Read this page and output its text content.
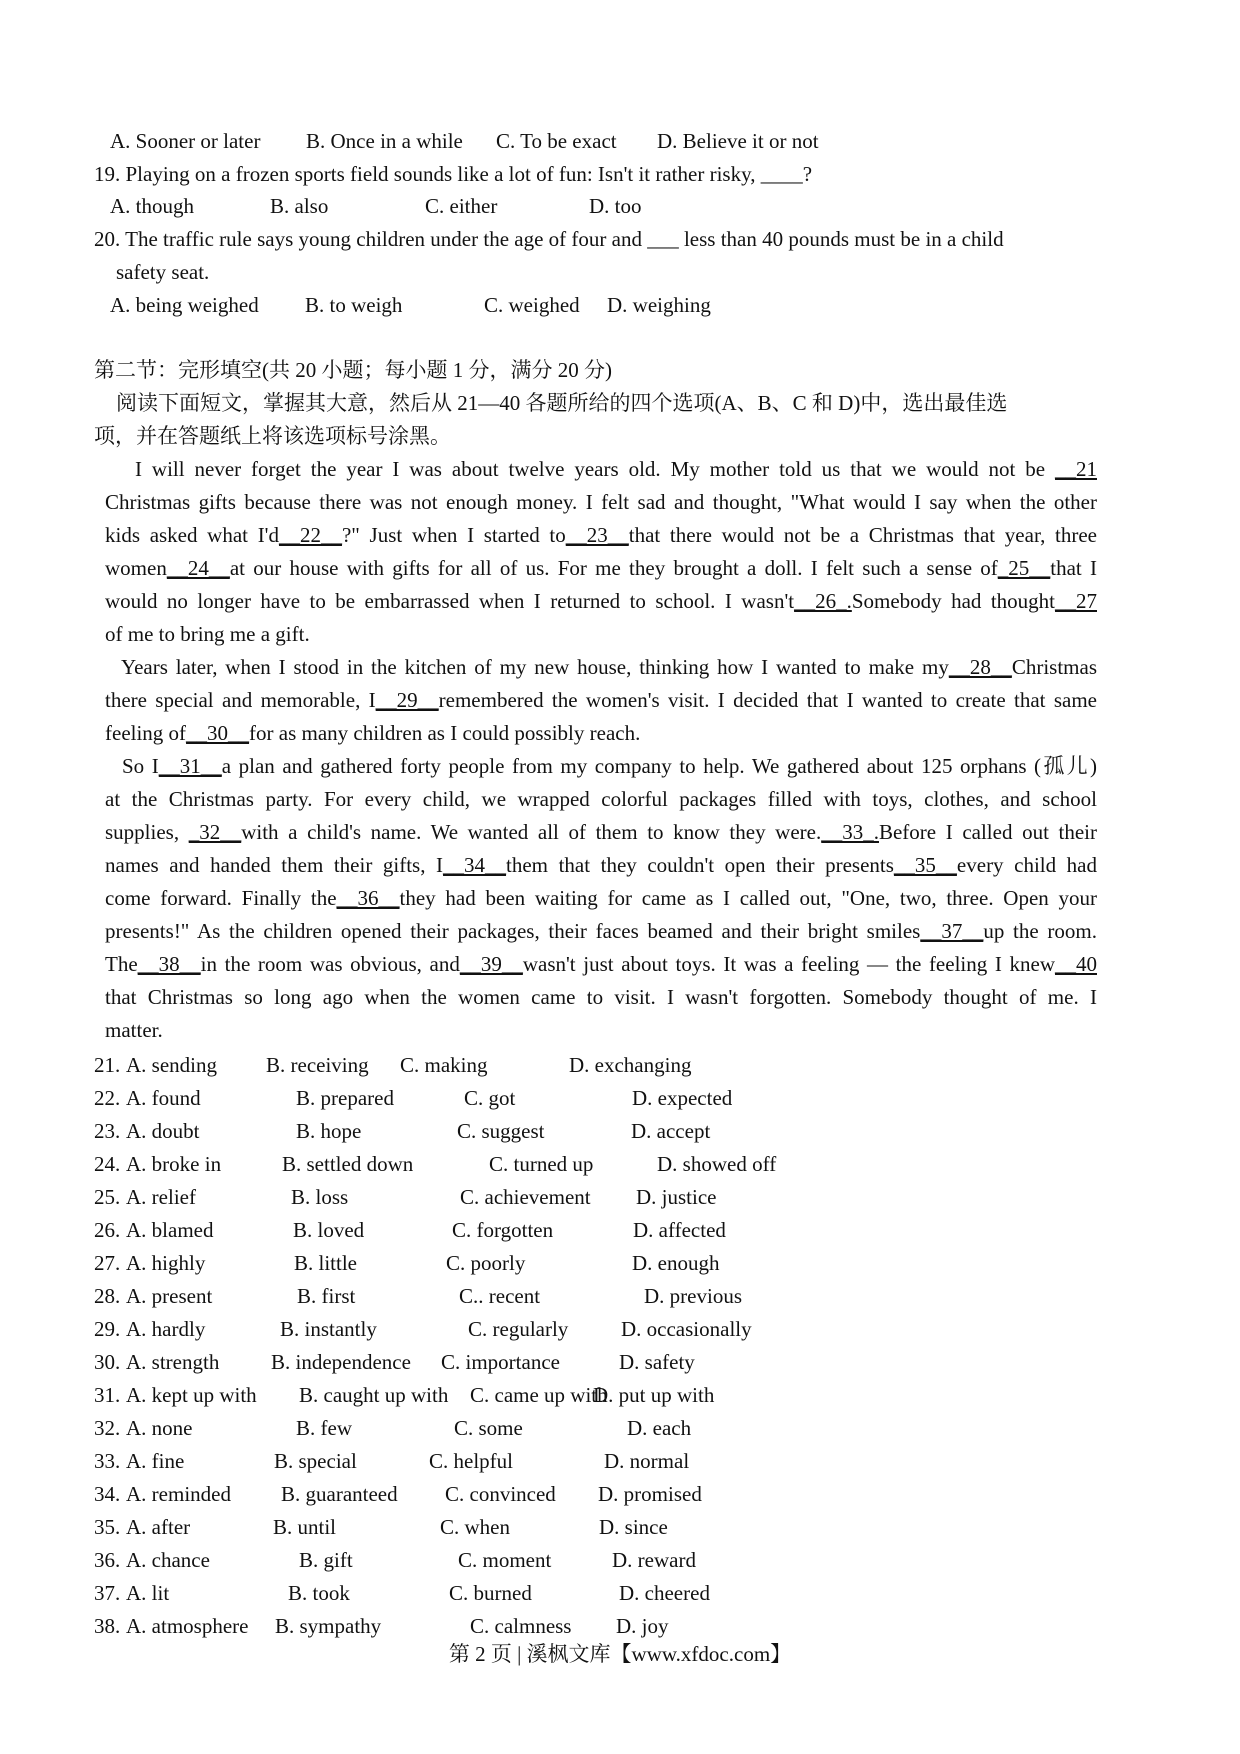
A. Sooner or later B. Once in a while C. To be exact D. Believe it or not
19. Playing on a frozen sports field sounds like a lot of fun: Isn't it rather risky, ____?
A. though	B. also	C. either	D. too
20. The traffic rule says young children under the age of four and ___ less than 40 pounds must be in a child
safety seat.
A. being weighed B. to weigh	C. weighed D. weighing
第二节：完形填空(共 20 小题；每小题 1 分，满分 20 分)
阅读下面短文，掌握其大意，然后从 21—40 各题所给的四个选项(A、B、C 和 D)中，选出最佳选
项，并在答题纸上将该选项标号涂黑。
I will never forget the year I was about twelve years old. My mother told us that we would not be __21
Christmas gifts because there was not enough money. I felt sad and thought, "What would I say when the other
kids asked what I'd__22__?" Just when I started to__23__that there would not be a Christmas that year, three
women__24__at our house with gifts for all of us. For me they brought a doll. I felt such a sense of_25__that I
would no longer have to be embarrassed when I returned to school. I wasn't__26_.Somebody had thought__27
of me to bring me a gift.
Years later, when I stood in the kitchen of my new house, thinking how I wanted to make my__28__Christmas
there special and memorable, I__29__remembered the women's visit. I decided that I wanted to create that same
feeling of__30__for as many children as I could possibly reach.
So I__31__a plan and gathered forty people from my company to help. We gathered about 125 orphans (孤儿)
at the Christmas party. For every child, we wrapped colorful packages filled with toys, clothes, and school
supplies, _32__with a child's name. We wanted all of them to know they were.__33_.Before I called out their
names and handed them their gifts, I__34__them that they couldn't open their presents__35__every child had
come forward. Finally the__36__they had been waiting for came as I called out, "One, two, three. Open your
presents!" As the children opened their packages, their faces beamed and their bright smiles__37__up the room.
The__38__in the room was obvious, and__39__wasn't just about toys. It was a feeling — the feeling I knew__40
that Christmas so long ago when the women came to visit. I wasn't forgotten. Somebody thought of me. I
matter.
21. A. sending B. receiving C. making	D. exchanging
22. A. found	B. prepared	C. got	D. expected
23. A. doubt	B. hope	C. suggest	D. accept
24. A. broke in	B. settled down	C. turned up	D. showed off
25. A. relief	B. loss	C. achievement D. justice
26. A. blamed	B. loved	C. forgotten	D. affected
27. A. highly	B. little	C. poorly	D. enough
28. A. present	B. first	C.. recent	D. previous
29. A. hardly	B. instantly	C. regularly	D. occasionally
30. A. strength B. independence C. importance	D. safety
31. A. kept up with B. caught up with C. came up with
D. put up with
32. A. none	B. few	C. some	D. each
33. A. fine	B. special	C. helpful	D. normal
34. A. reminded B. guaranteed C. convinced D. promised
35. A. after	B. until	C. when	D. since
36. A. chance	B. gift	C. moment	D. reward
37. A. lit	B. took	C. burned	D. cheered
38. A. atmosphere B. sympathy	C. calmness D. joy
第 2 页 | 溪枫文库【www.xfdoc.com】
